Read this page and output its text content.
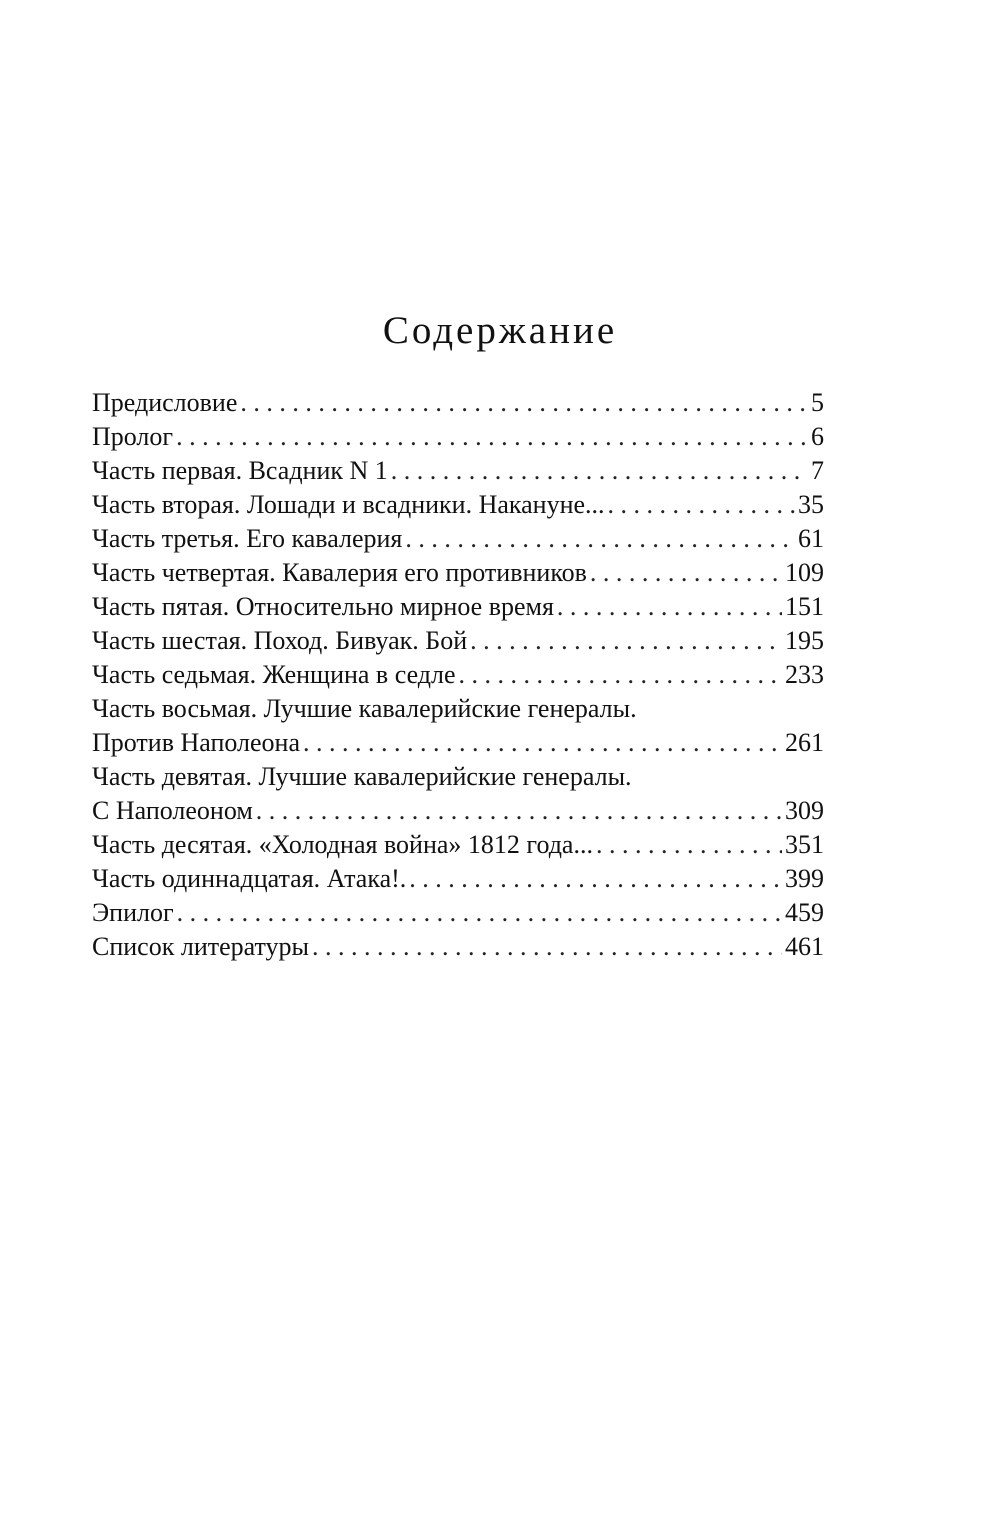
Содержание
Предисловие . . .	5
Пролог . . .	6
Часть первая. Всадник N 1 . . .	7
Часть вторая. Лошади и всадники. Накануне... . . .	35
Часть третья. Его кавалерия . . .	61
Часть четвертая. Кавалерия его противников . . .	109
Часть пятая. Относительно мирное время . . .	151
Часть шестая. Поход. Бивуак. Бой . . .	195
Часть седьмая. Женщина в седле . . .	233
Часть восьмая. Лучшие кавалерийские генералы.
Против Наполеона . . .	261
Часть девятая. Лучшие кавалерийские генералы.
С Наполеоном . . .	309
Часть десятая. «Холодная война» 1812 года... . . .	351
Часть одиннадцатая. Атака!. . . .	399
Эпилог . . .	459
Список литературы . . .	461
